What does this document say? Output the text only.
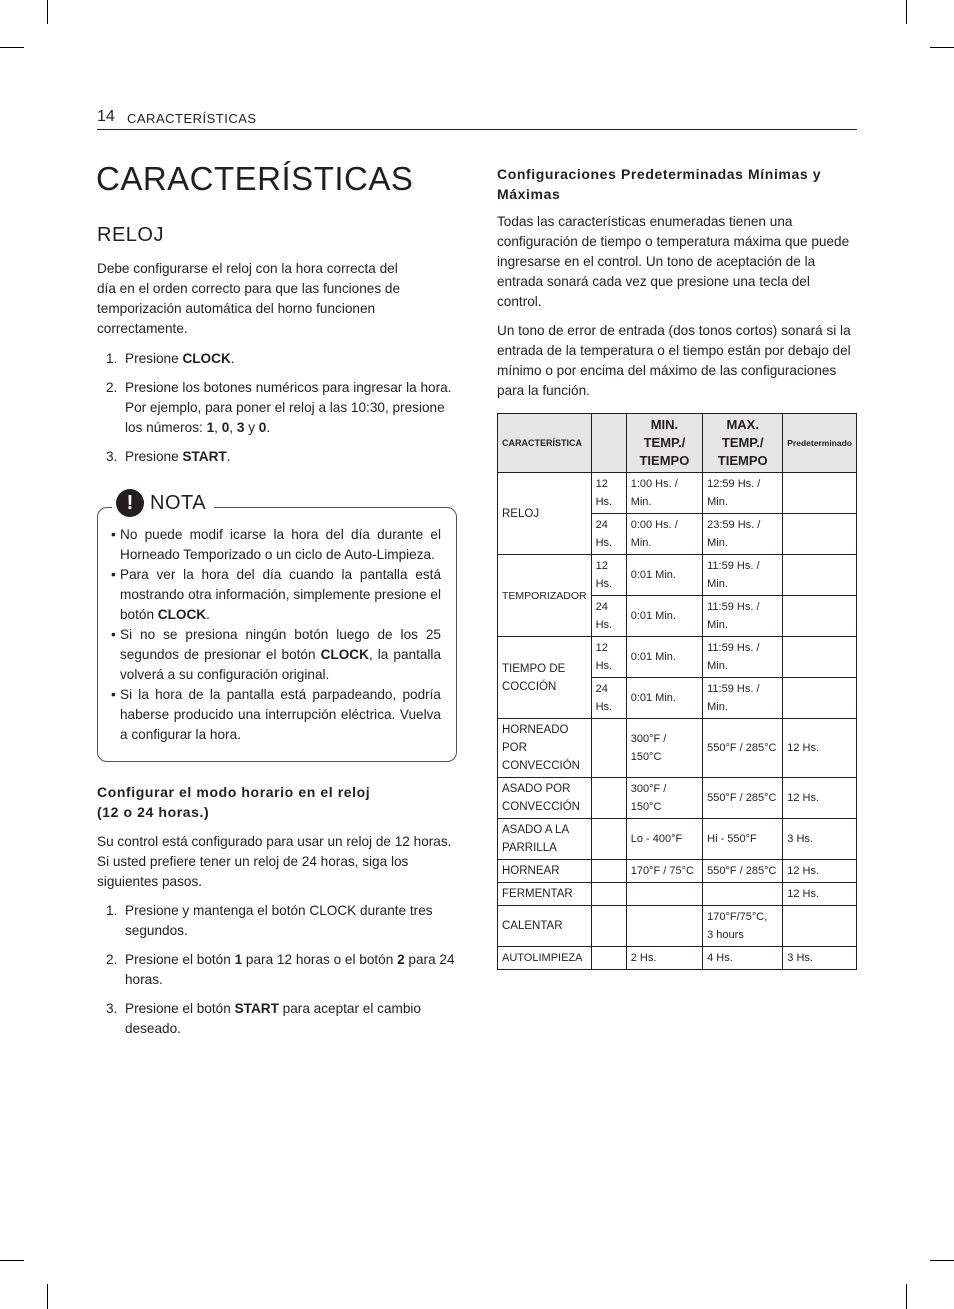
14 CARACTERÍSTICAS
CARACTERÍSTICAS
RELOJ

Debe configurarse el reloj con la hora correcta del día en el orden correcto para que las funciones de temporización automática del horno funcionen correctamente.

1. Presione CLOCK.
2. Presione los botones numéricos para ingresar la hora. Por ejemplo, para poner el reloj a las 10:30, presione los números: 1, 0, 3 y 0.
3. Presione START.
! NOTA
• No puede modif icarse la hora del día durante el Horneado Temporizado o un ciclo de Auto-Limpieza.
• Para ver la hora del día cuando la pantalla está mostrando otra información, simplemente presione el botón CLOCK.
• Si no se presiona ningún botón luego de los 25 segundos de presionar el botón CLOCK, la pantalla volverá a su configuración original.
• Si la hora de la pantalla está parpadeando, podría haberse producido una interrupción eléctrica. Vuelva a configurar la hora.

Configurar el modo horario en el reloj
(12 o 24 horas.)

Su control está configurado para usar un reloj de 12 horas. Si usted prefiere tener un reloj de 24 horas, siga los siguientes pasos.

1. Presione y mantenga el botón CLOCK durante tres segundos.
2. Presione el botón 1 para 12 horas o el botón 2 para 24 horas.
3. Presione el botón START para aceptar el cambio deseado.

Configuraciones Predeterminadas Mínimas y
Máximas

Todas las características enumeradas tienen una configuración de tiempo o temperatura máxima que puede ingresarse en el control. Un tono de aceptación de la entrada sonará cada vez que presione una tecla del control.

Un tono de error de entrada (dos tonos cortos) sonará si la entrada de la temperatura o el tiempo están por debajo del mínimo o por encima del máximo de las configuraciones para la función.

CARACTERÍSTICA		MIN. TEMP./ TIEMPO	MAX. TEMP./ TIEMPO	Predeterminado
RELOJ	12 Hs.	1:00 Hs. / Min.	12:59 Hs. / Min.	
	24 Hs.	0:00 Hs. / Min.	23:59 Hs. / Min.	
TEMPORIZADOR	12 Hs.	0:01 Min.	11:59 Hs. / Min.	
	24 Hs.	0:01 Min.	11:59 Hs. / Min.	
TIEMPO DE COCCIÓN	12 Hs.	0:01 Min.	11:59 Hs. / Min.	
	24 Hs.	0:01 Min.	11:59 Hs. / Min.	
HORNEADO POR CONVECCIÓN		300°F / 150°C	550°F / 285°C	12 Hs.
ASADO POR CONVECCIÓN		300°F / 150°C	550°F / 285°C	12 Hs.
ASADO A LA PARRILLA		Lo - 400°F	Hi - 550°F	3 Hs.
HORNEAR		170°F / 75°C	550°F / 285°C	12 Hs.
FERMENTAR				12 Hs.
CALENTAR			170°F/75°C,
3 hours	
AUTOLIMPIEZA		2 Hs.	4 Hs.	3 Hs.
